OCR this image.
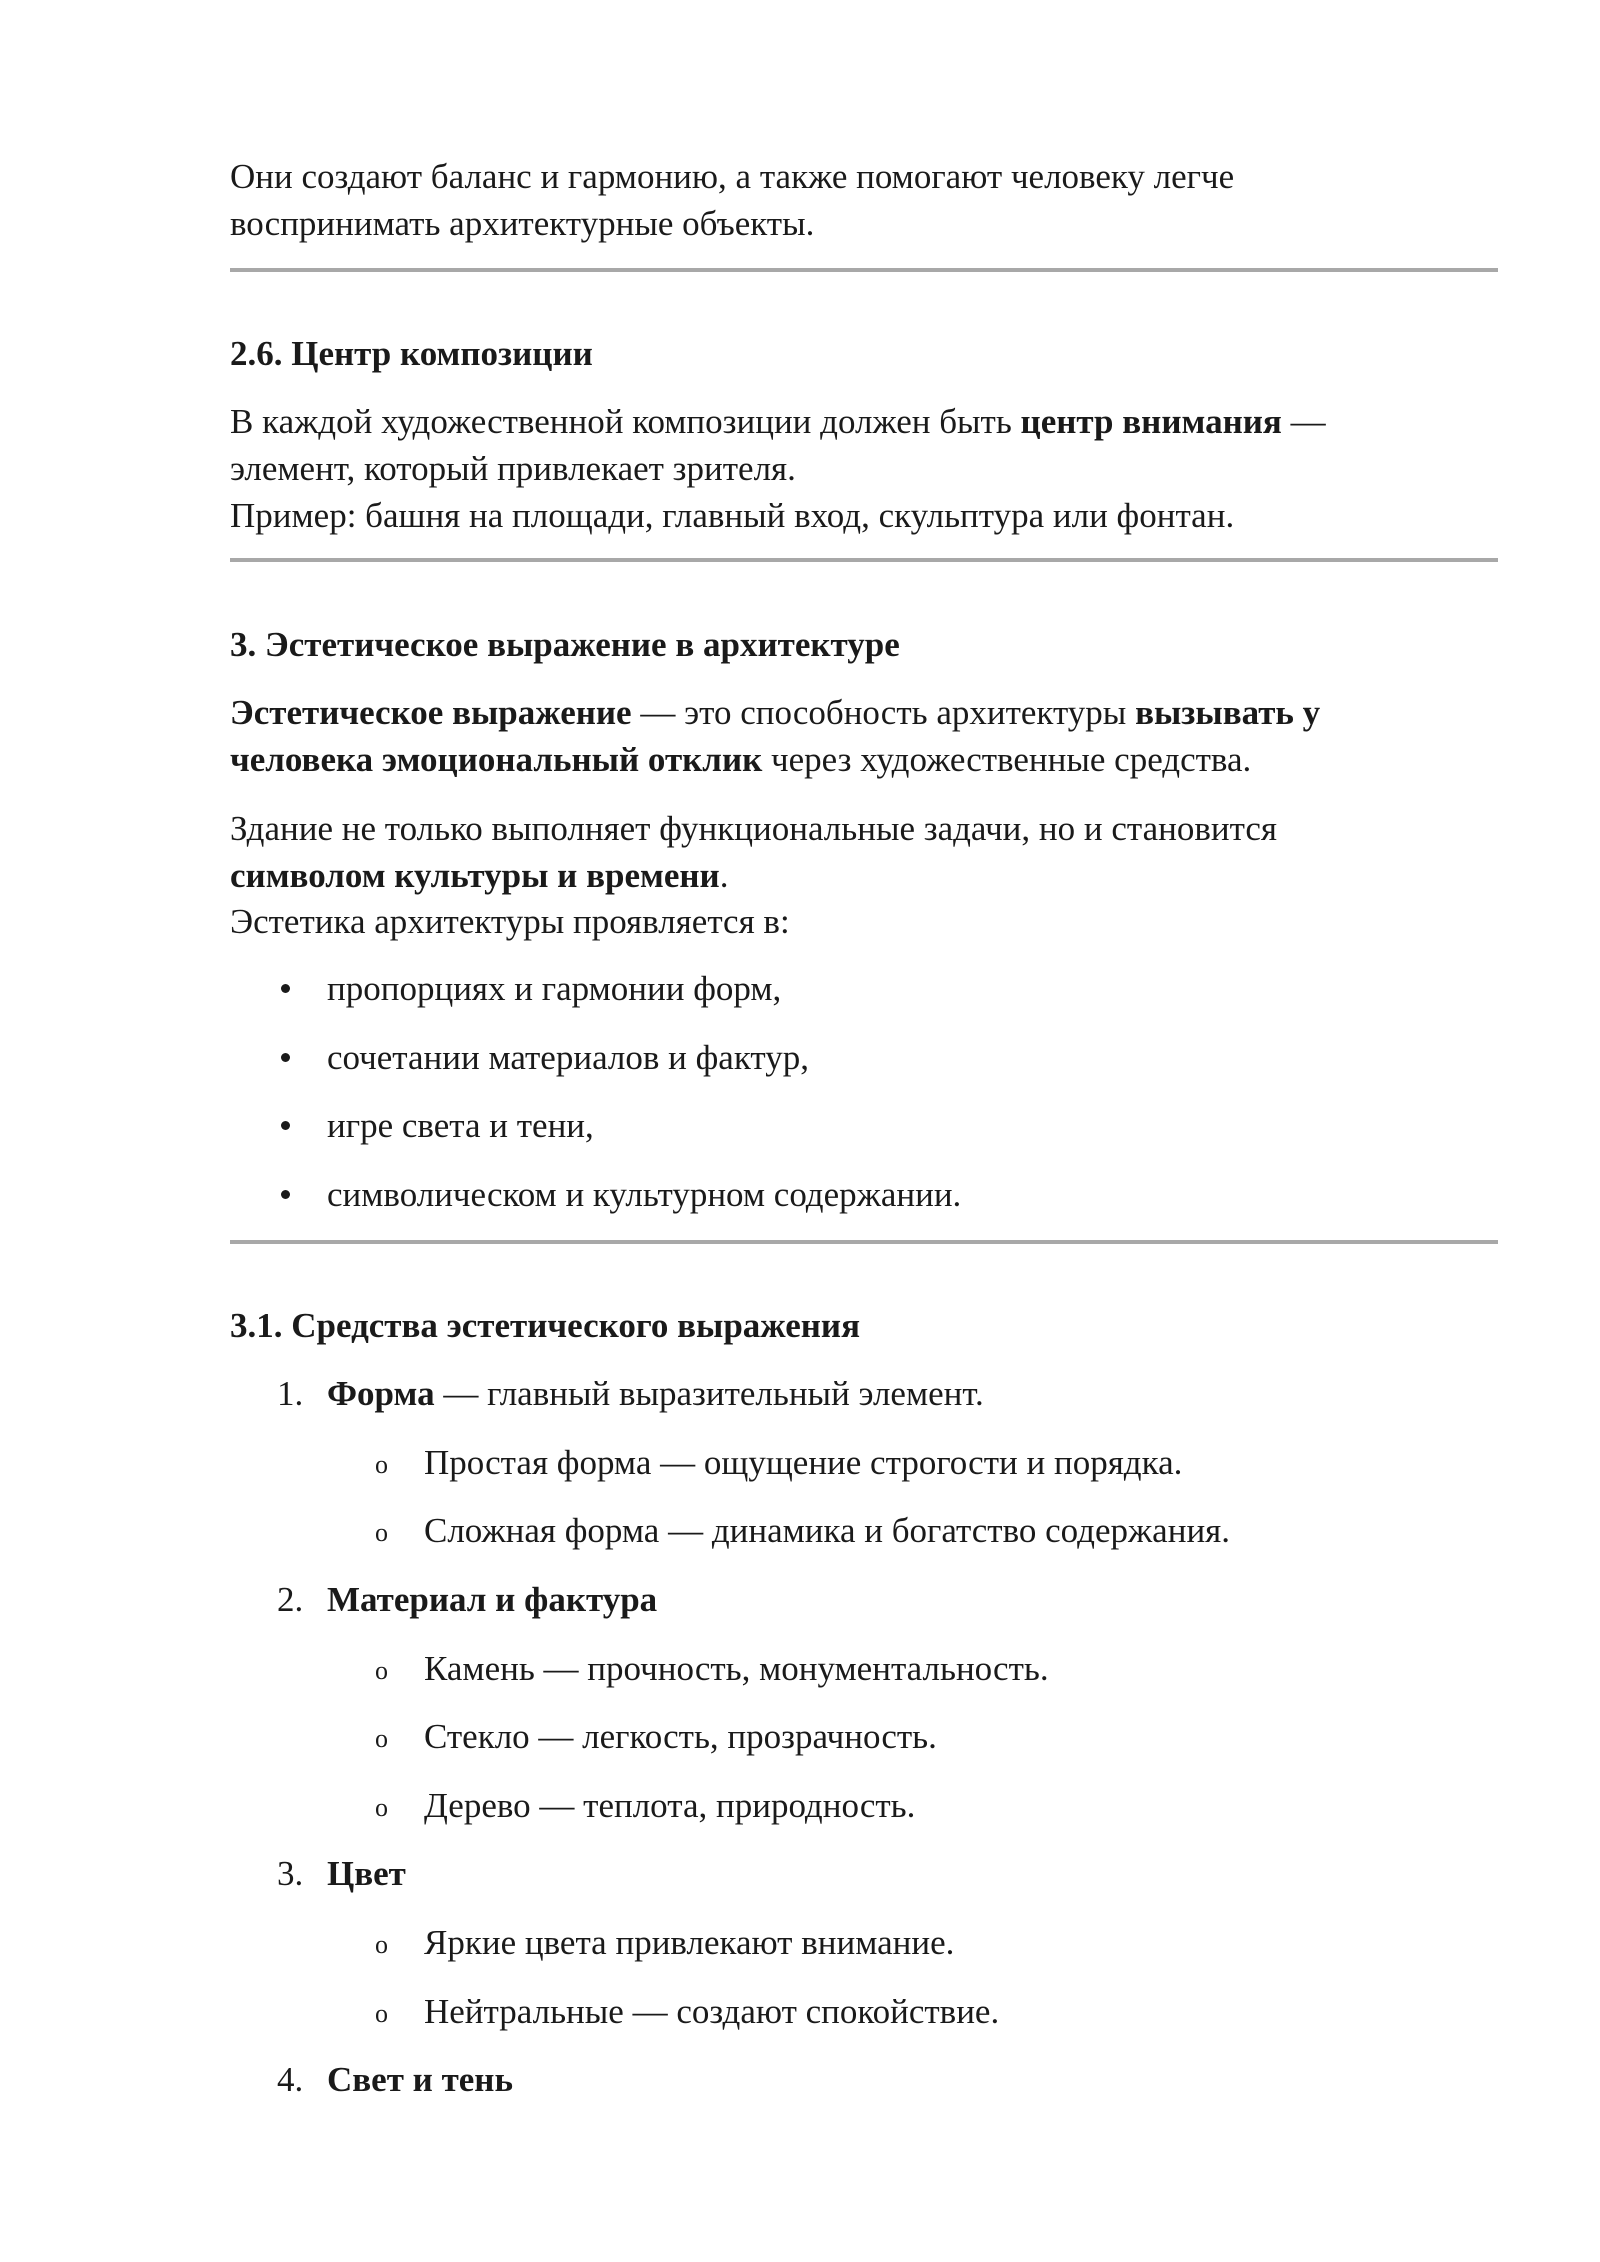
Они создают баланс и гармонию, а также помогают человеку легче

воспринимать архитектурные объекты.

2.6. Центр композиции

В каждой художественной композиции должен быть центр внимания —

элемент, который привлекает зрителя.

Пример: башня на площади, главный вход, скульптура или фонтан.

3. Эстетическое выражение в архитектуре

Эстетическое выражение — это способность архитектуры вызывать у

человека эмоциональный отклик через художественные средства.

Здание не только выполняет функциональные задачи, но и становится

символом культуры и времени.

Эстетика архитектуры проявляется в:

пропорциях и гармонии форм,

сочетании материалов и фактур,

игре света и тени,

символическом и культурном содержании.

3.1. Средства эстетического выражения

1. Форма — главный выразительный элемент.

o Простая форма — ощущение строгости и порядка.

o Сложная форма — динамика и богатство содержания.

2. Материал и фактура

o Камень — прочность, монументальность.

o Стекло — легкость, прозрачность.

o Дерево — теплота, природность.

3. Цвет

o Яркие цвета привлекают внимание.

o Нейтральные — создают спокойствие.

4. Свет и тень
